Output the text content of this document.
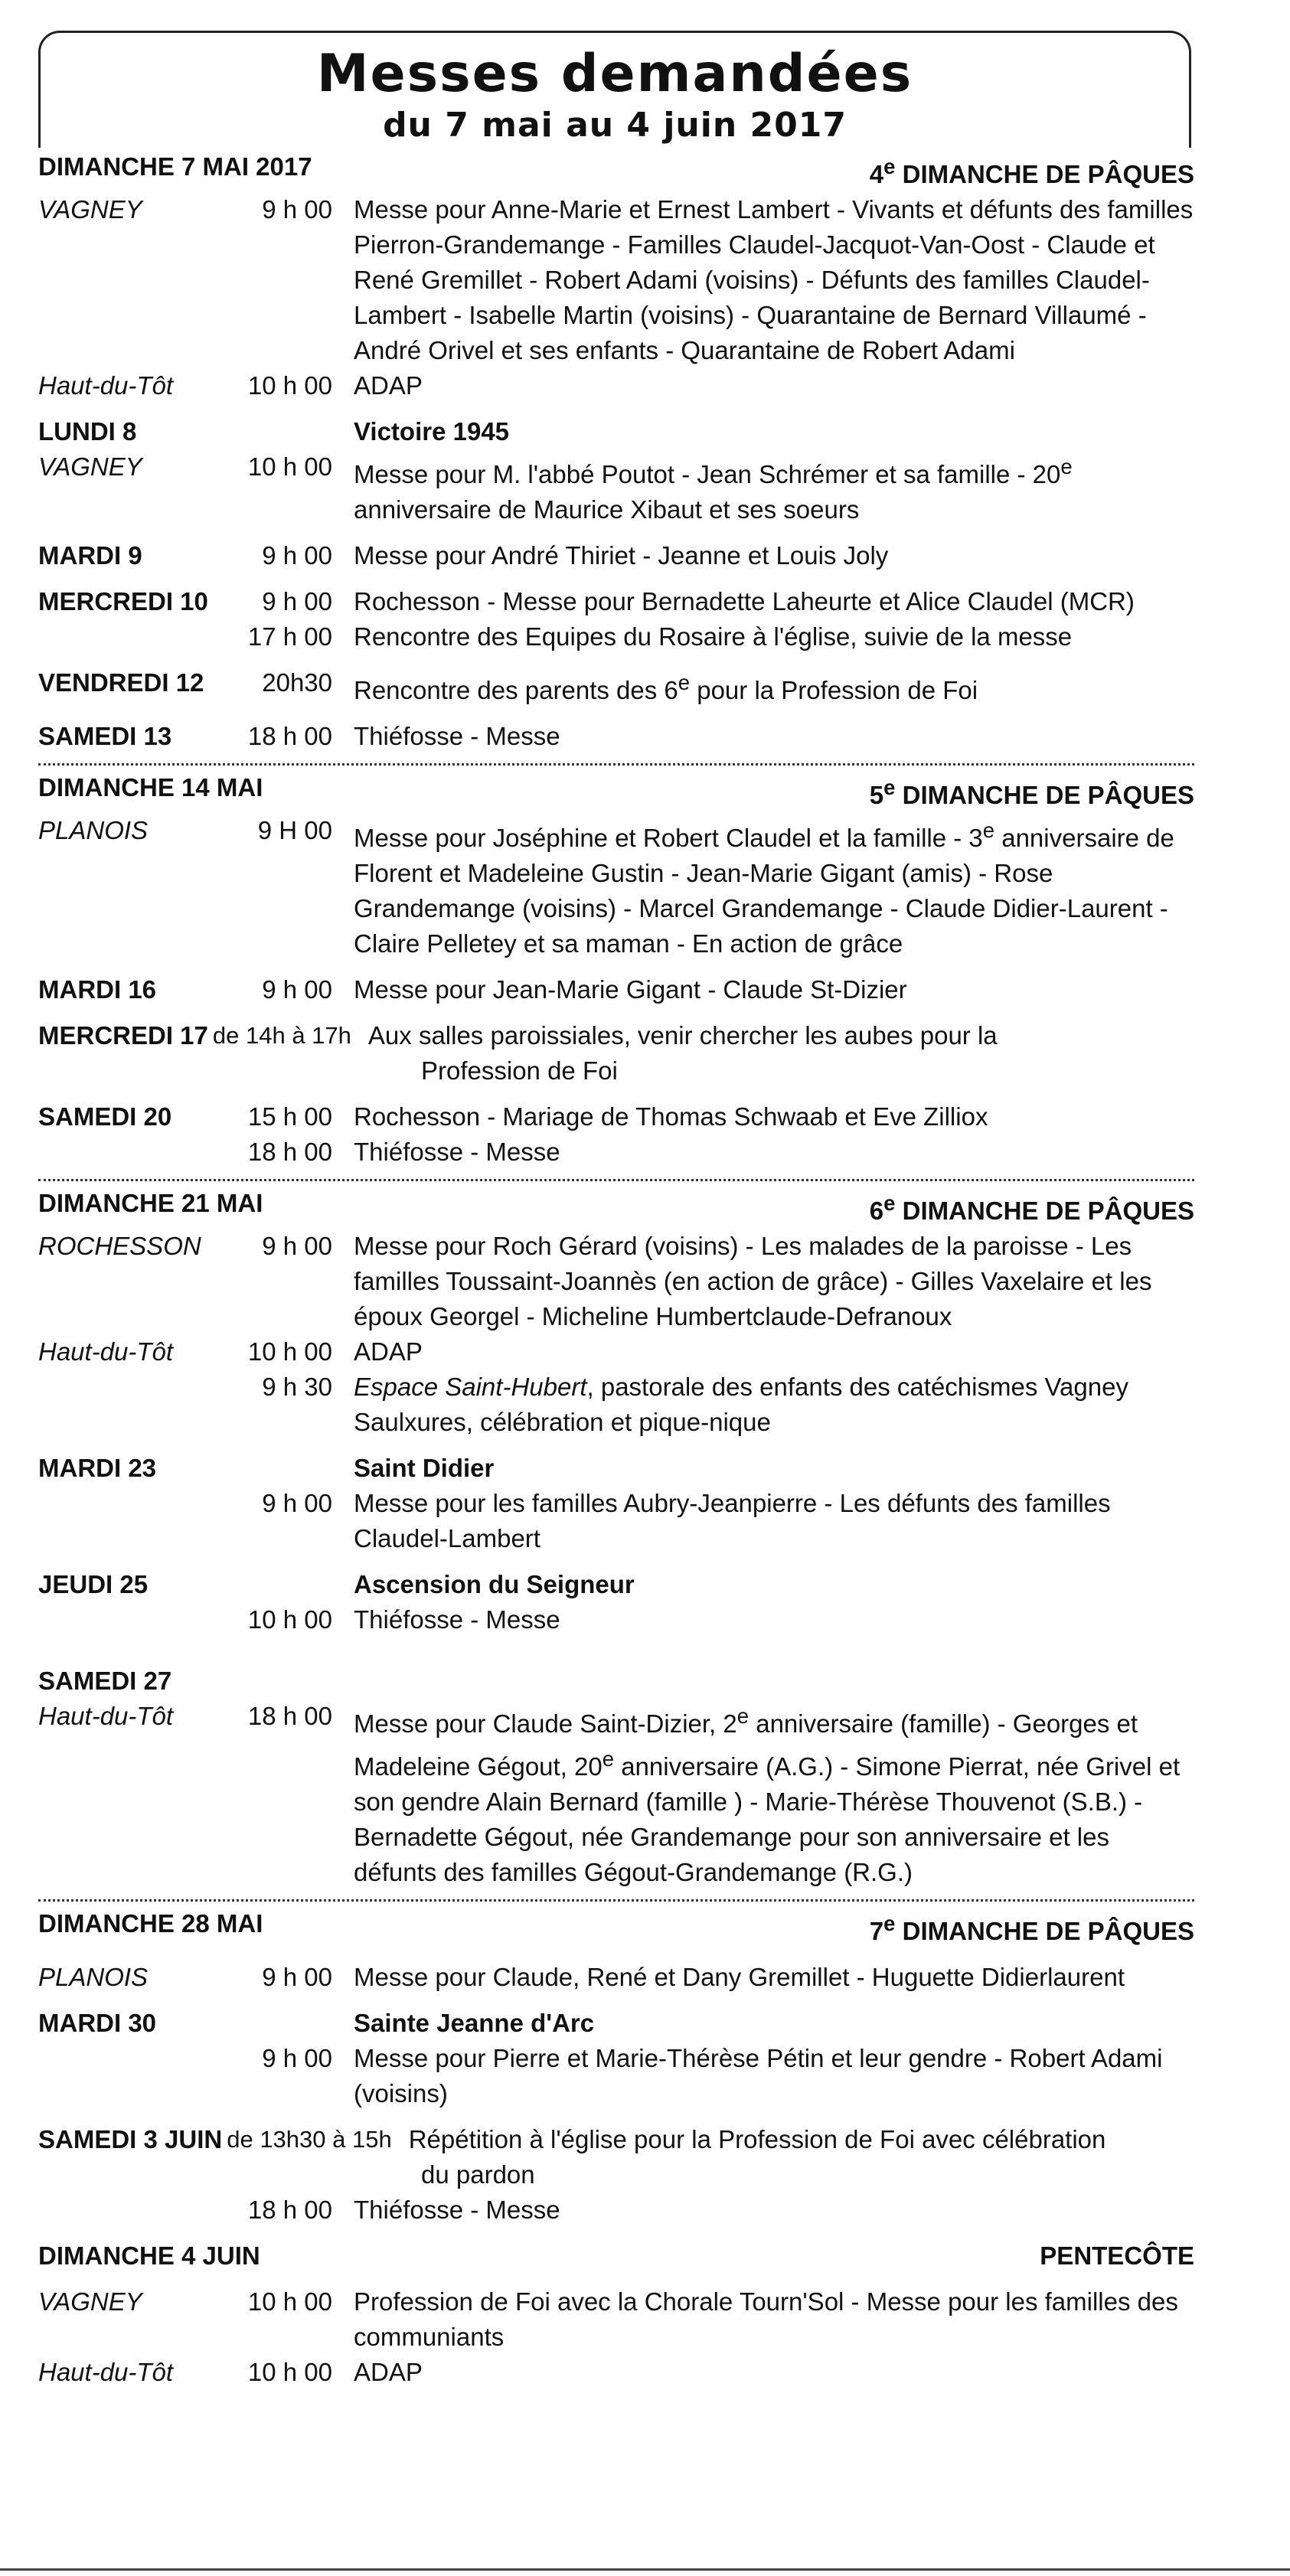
Messes demandées
du 7 mai au 4 juin 2017
DIMANCHE 7 MAI 2017	4e DIMANCHE DE PÂQUES
VAGNEY	9 h 00 Messe pour Anne-Marie et Ernest Lambert - Vivants et défunts des familles Pierron-Grandemange - Familles Claudel-Jacquot-Van-Oost - Claude et René Gremillet - Robert Adami (voisins) - Défunts des familles Claudel-Lambert - Isabelle Martin (voisins) - Quarantaine de Bernard Villaumé - André Orivel et ses enfants - Quarantaine de Robert Adami
Haut-du-Tôt	10 h 00 ADAP
LUNDI 8	Victoire 1945
VAGNEY	10 h 00 Messe pour M. l'abbé Poutot - Jean Schrémer et sa famille - 20e anniversaire de Maurice Xibaut et ses soeurs
MARDI 9	9 h 00 Messe pour André Thiriet - Jeanne et Louis Joly
MERCREDI 10	9 h 00 Rochesson - Messe pour Bernadette Laheurte et Alice Claudel (MCR)
17 h 00 Rencontre des Equipes du Rosaire à l'église, suivie de la messe
VENDREDI 12	20h30 Rencontre des parents des 6e pour la Profession de Foi
SAMEDI 13	18 h 00 Thiéfosse - Messe
DIMANCHE 14 MAI	5e DIMANCHE DE PÂQUES
PLANOIS	9 H 00 Messe pour Joséphine et Robert Claudel et la famille - 3e anniversaire de Florent et Madeleine Gustin - Jean-Marie Gigant (amis) - Rose Grandemange (voisins) - Marcel Grandemange - Claude Didier-Laurent - Claire Pelletey et sa maman - En action de grâce
MARDI 16	9 h 00 Messe pour Jean-Marie Gigant - Claude St-Dizier
MERCREDI 17 de 14h à 17h Aux salles paroissiales, venir chercher les aubes pour la
Profession de Foi
SAMEDI 20	15 h 00 Rochesson - Mariage de Thomas Schwaab et Eve Zilliox
18 h 00 Thiéfosse - Messe
DIMANCHE 21 MAI	6e DIMANCHE DE PÂQUES
ROCHESSON	9 h 00 Messe pour Roch Gérard (voisins) - Les malades de la paroisse - Les familles Toussaint-Joannès (en action de grâce) - Gilles Vaxelaire et les époux Georgel - Micheline Humbertclaude-Defranoux
Haut-du-Tôt	10 h 00 ADAP
9 h 30 Espace Saint-Hubert, pastorale des enfants des catéchismes Vagney Saulxures, célébration et pique-nique
MARDI 23	Saint Didier
9 h 00 Messe pour les familles Aubry-Jeanpierre - Les défunts des familles Claudel-Lambert
JEUDI 25	Ascension du Seigneur
10 h 00 Thiéfosse - Messe
SAMEDI 27
Haut-du-Tôt	18 h 00 Messe pour Claude Saint-Dizier, 2e anniversaire (famille) - Georges et Madeleine Gégout, 20e anniversaire (A.G.) - Simone Pierrat, née Grivel et son gendre Alain Bernard (famille ) - Marie-Thérèse Thouvenot (S.B.) - Bernadette Gégout, née Grandemange pour son anniversaire et les défunts des familles Gégout-Grandemange (R.G.)
DIMANCHE 28 MAI	7e DIMANCHE DE PÂQUES
PLANOIS	9 h 00 Messe pour Claude, René et Dany Gremillet - Huguette Didierlaurent
MARDI 30	Sainte Jeanne d'Arc
9 h 00 Messe pour Pierre et Marie-Thérèse Pétin et leur gendre - Robert Adami (voisins)
SAMEDI 3 JUIN de 13h30 à 15h Répétition à l'église pour la Profession de Foi avec célébration
du pardon
18 h 00 Thiéfosse - Messe
DIMANCHE 4 JUIN	PENTECÔTE
VAGNEY	10 h 00 Profession de Foi avec la Chorale Tourn'Sol - Messe pour les familles des communiants
Haut-du-Tôt	10 h 00 ADAP
